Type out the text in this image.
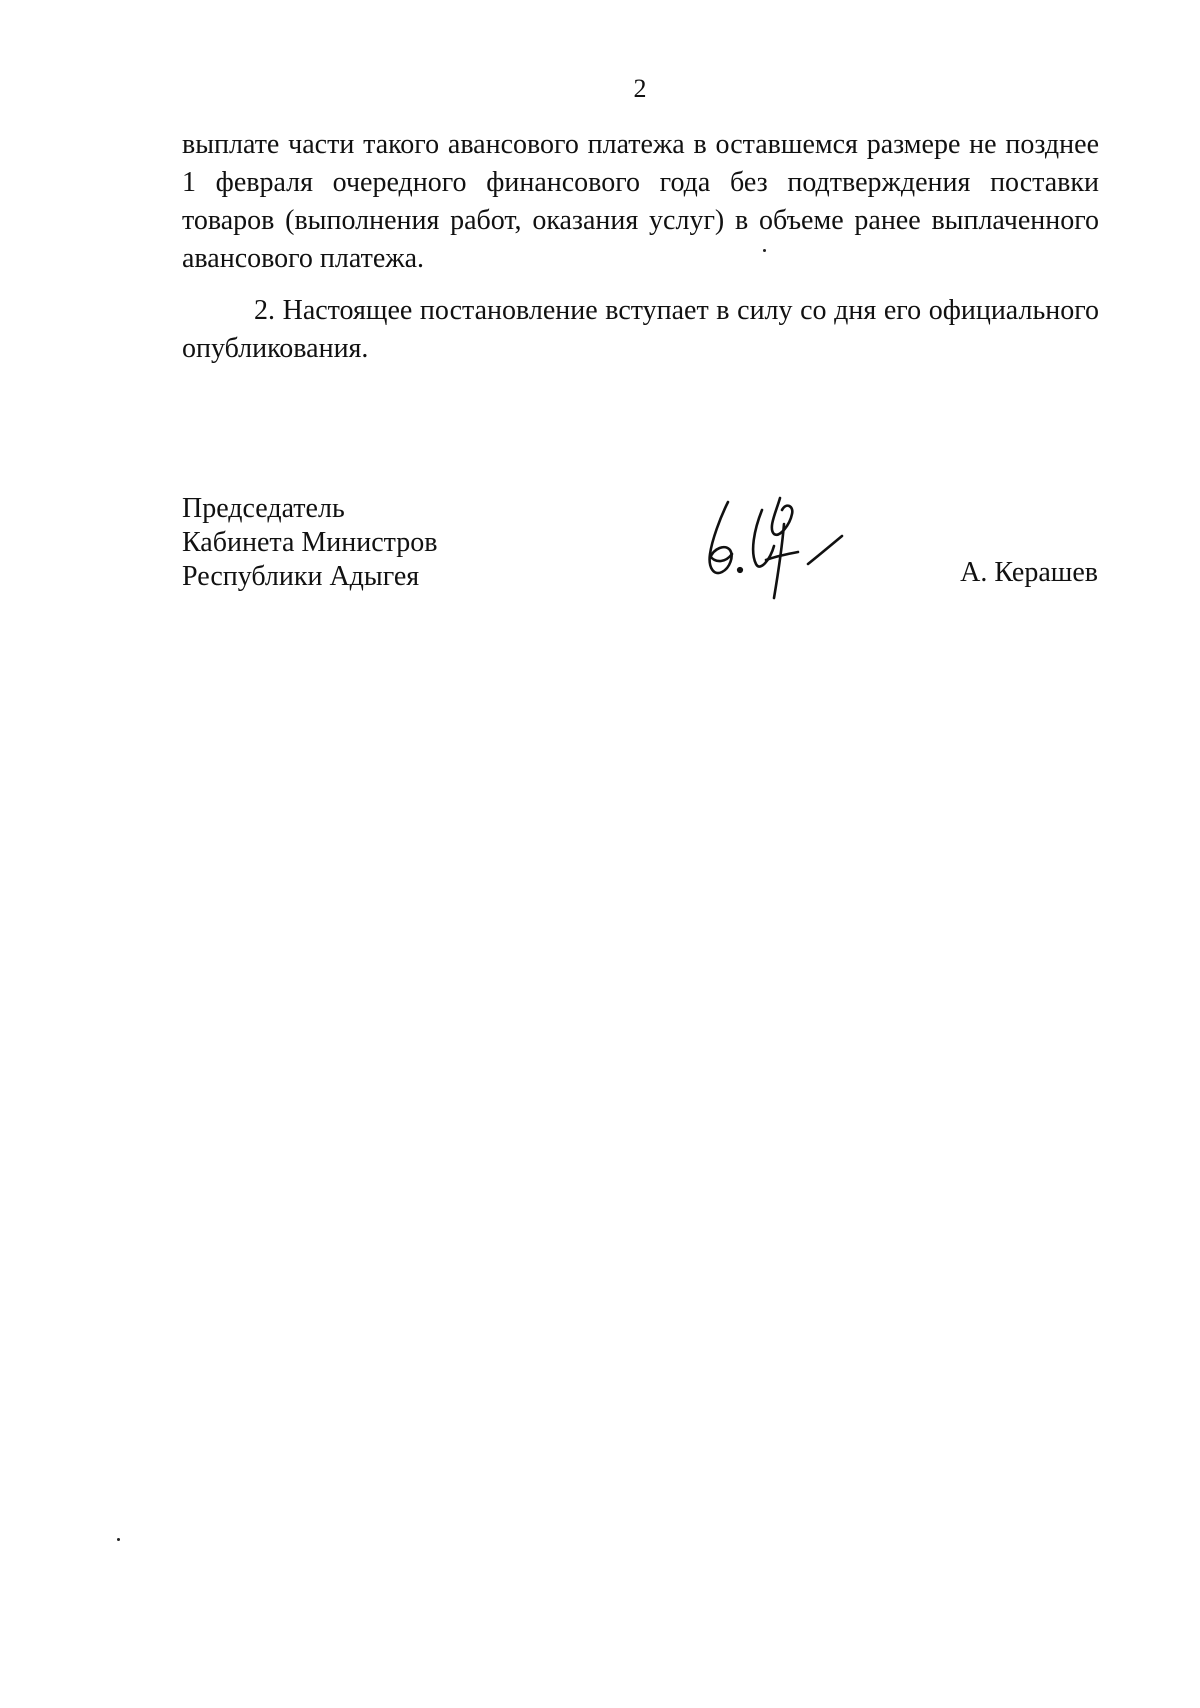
2

выплате части такого авансового платежа в оставшемся размере не позднее 1 февраля очередного финансового года без подтверждения поставки товаров (выполнения работ, оказания услуг) в объеме ранее выплаченного авансового платежа.

2. Настоящее постановление вступает в силу со дня его официального опубликования.

Председатель
Кабинета Министров
Республики Адыгея	А. Керашев
